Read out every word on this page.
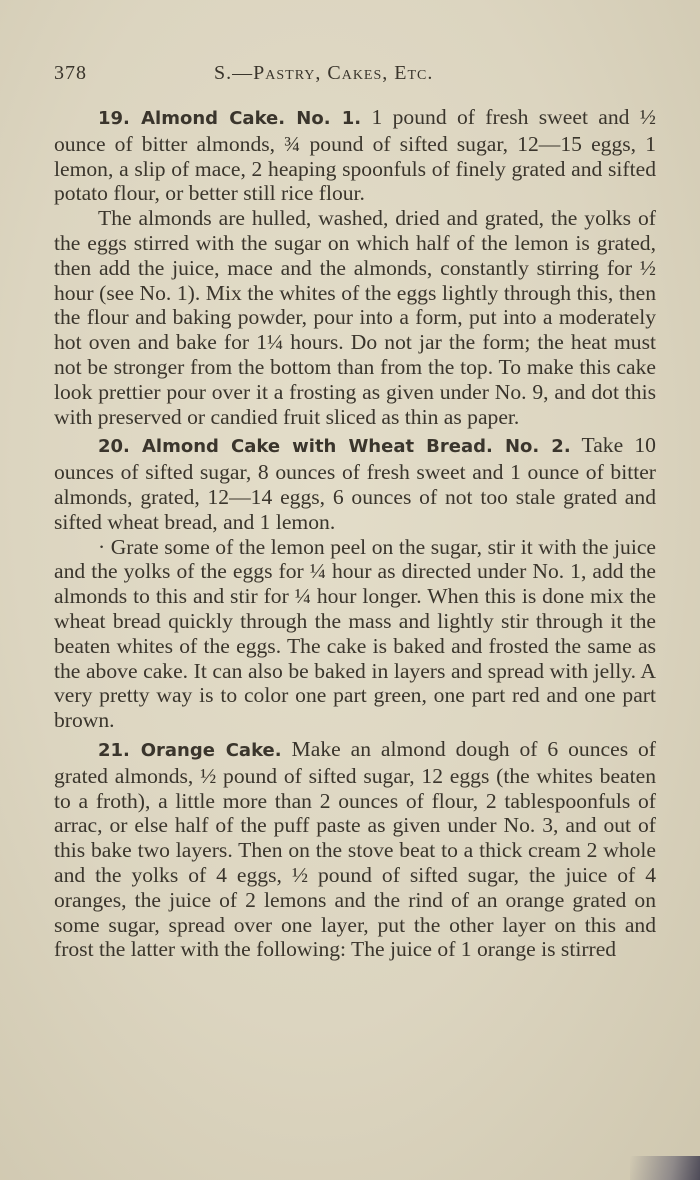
378	S.—Pastry, Cakes, Etc.

19. Almond Cake. No. 1. 1 pound of fresh sweet and ½ ounce of bitter almonds, ¾ pound of sifted sugar, 12—15 eggs, 1 lemon, a slip of mace, 2 heaping spoonfuls of finely grated and sifted potato flour, or better still rice flour.

The almonds are hulled, washed, dried and grated, the yolks of the eggs stirred with the sugar on which half of the lemon is grated, then add the juice, mace and the almonds, constantly stirring for ½ hour (see No. 1). Mix the whites of the eggs lightly through this, then the flour and baking powder, pour into a form, put into a moderately hot oven and bake for 1¼ hours. Do not jar the form; the heat must not be stronger from the bottom than from the top. To make this cake look prettier pour over it a frosting as given under No. 9, and dot this with preserved or candied fruit sliced as thin as paper.

20. Almond Cake with Wheat Bread. No. 2. Take 10 ounces of sifted sugar, 8 ounces of fresh sweet and 1 ounce of bitter almonds, grated, 12—14 eggs, 6 ounces of not too stale grated and sifted wheat bread, and 1 lemon.

· Grate some of the lemon peel on the sugar, stir it with the juice and the yolks of the eggs for ¼ hour as directed under No. 1, add the almonds to this and stir for ¼ hour longer. When this is done mix the wheat bread quickly through the mass and lightly stir through it the beaten whites of the eggs. The cake is baked and frosted the same as the above cake. It can also be baked in layers and spread with jelly. A very pretty way is to color one part green, one part red and one part brown.

21. Orange Cake. Make an almond dough of 6 ounces of grated almonds, ½ pound of sifted sugar, 12 eggs (the whites beaten to a froth), a little more than 2 ounces of flour, 2 tablespoonfuls of arrac, or else half of the puff paste as given under No. 3, and out of this bake two layers. Then on the stove beat to a thick cream 2 whole and the yolks of 4 eggs, ½ pound of sifted sugar, the juice of 4 oranges, the juice of 2 lemons and the rind of an orange grated on some sugar, spread over one layer, put the other layer on this and frost the latter with the following: The juice of 1 orange is stirred
